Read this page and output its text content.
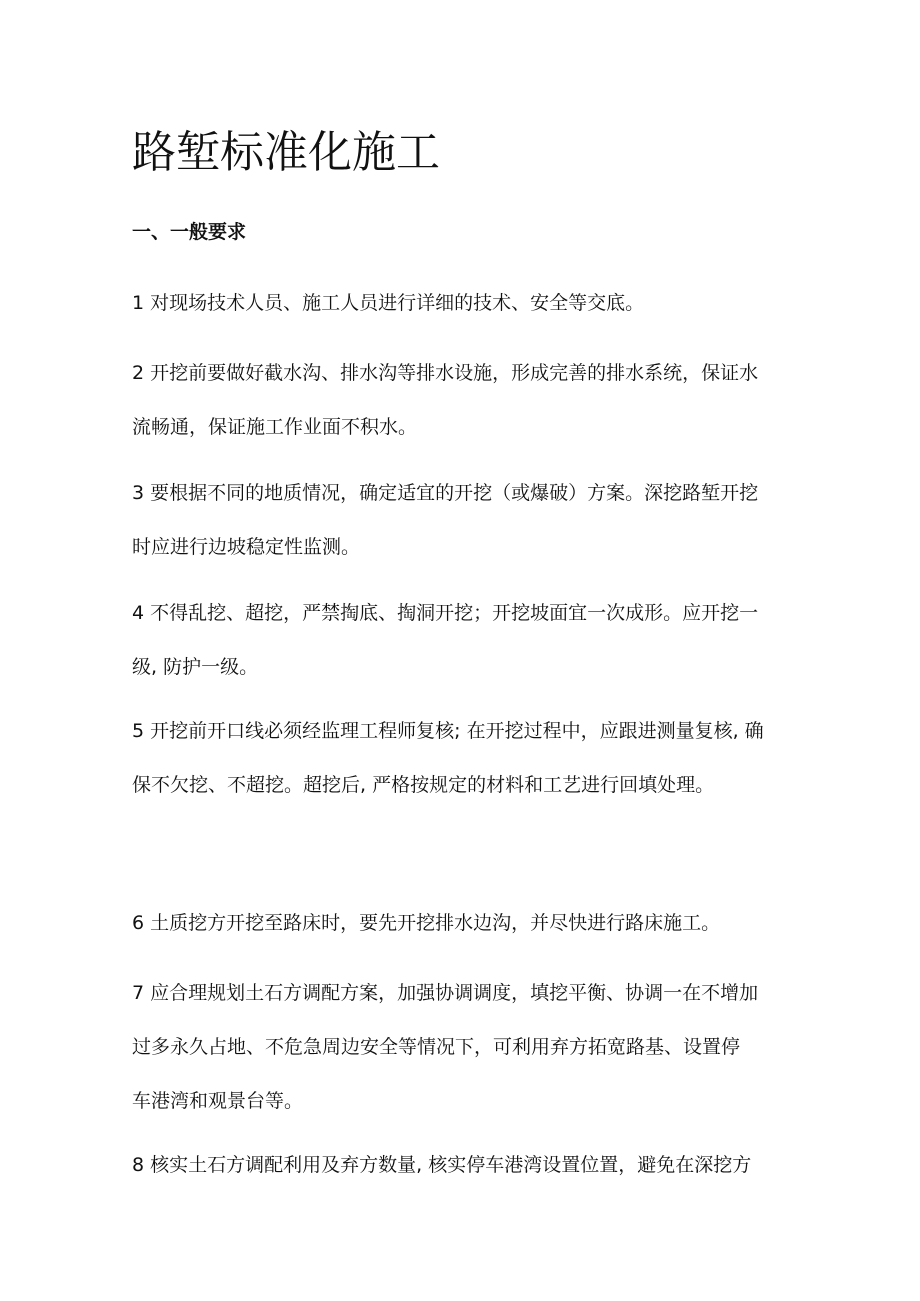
路堑标准化施工
一、一般要求

1 对现场技术人员、施工人员进行详细的技术、安全等交底。

2 开挖前要做好截水沟、排水沟等排水设施，形成完善的排水系统，保证水
流畅通，保证施工作业面不积水。

3 要根据不同的地质情况，确定适宜的开挖（或爆破）方案。深挖路堑开挖
时应进行边坡稳定性监测。

4 不得乱挖、超挖，严禁掏底、掏洞开挖；开挖坡面宜一次成形。应开挖一
级, 防护一级。

5 开挖前开口线必须经监理工程师复核; 在开挖过程中，应跟进测量复核, 确
保不欠挖、不超挖。超挖后, 严格按规定的材料和工艺进行回填处理。

6 土质挖方开挖至路床时，要先开挖排水边沟，并尽快进行路床施工。

7 应合理规划土石方调配方案，加强协调调度，填挖平衡、协调一在不增加
过多永久占地、不危急周边安全等情况下，可利用弃方拓宽路基、设置停
车港湾和观景台等。

8 核实土石方调配利用及弃方数量, 核实停车港湾设置位置，避免在深挖方
